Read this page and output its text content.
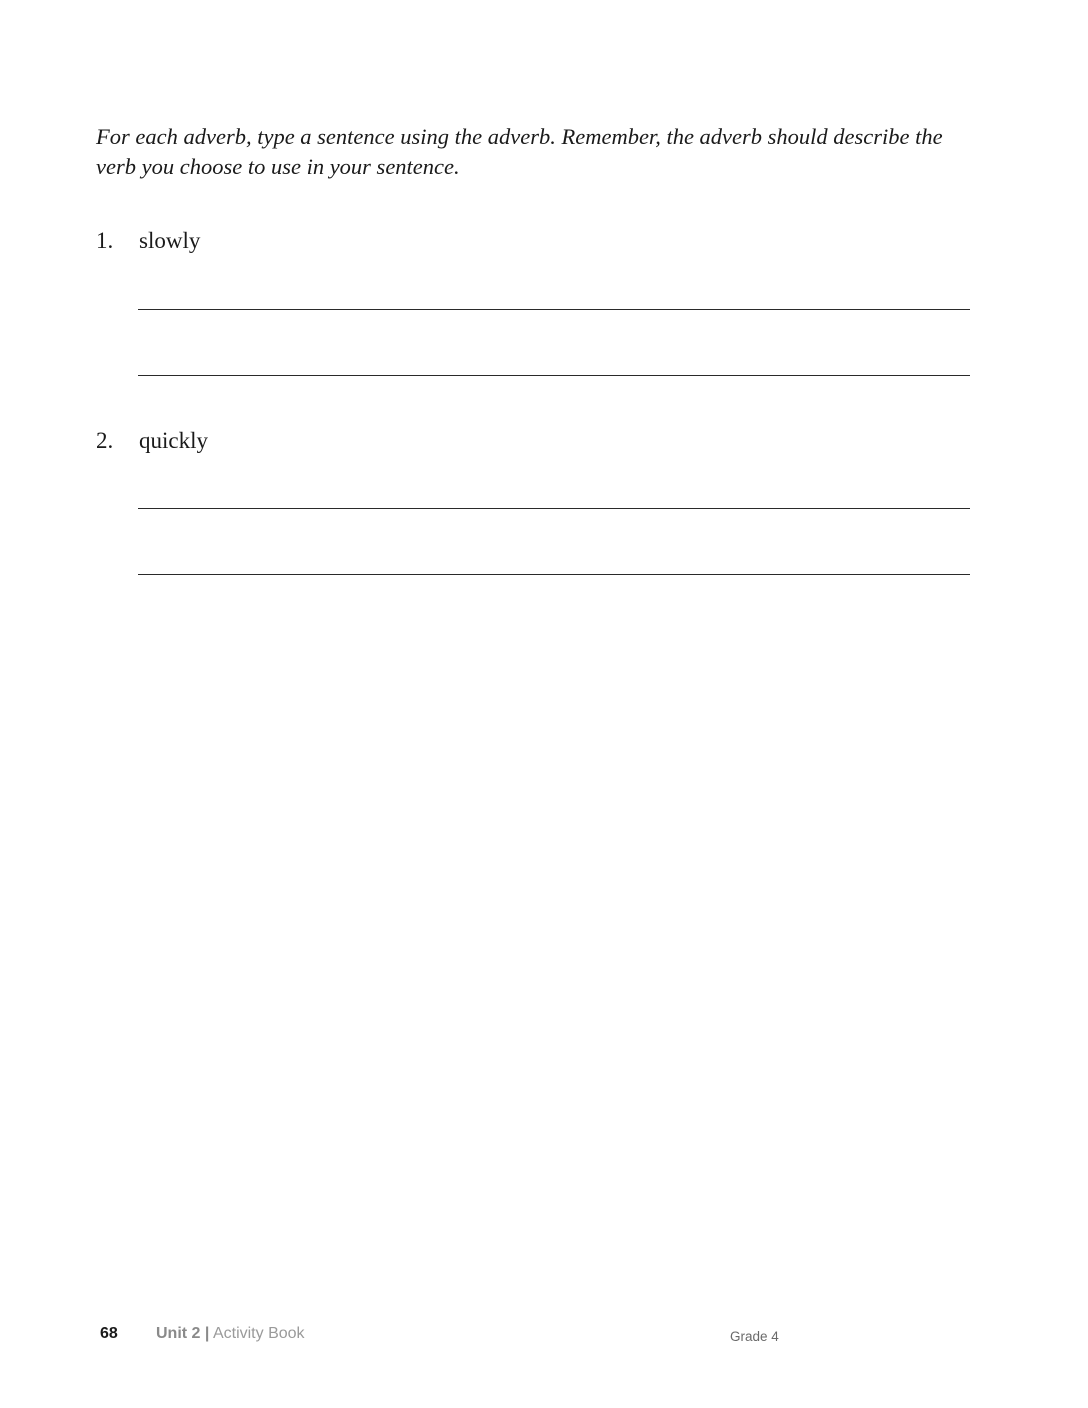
For each adverb, type a sentence using the adverb. Remember, the adverb should describe the verb you choose to use in your sentence.

1. slowly
2. quickly
68 Unit 2 | Activity Book	Grade 4
